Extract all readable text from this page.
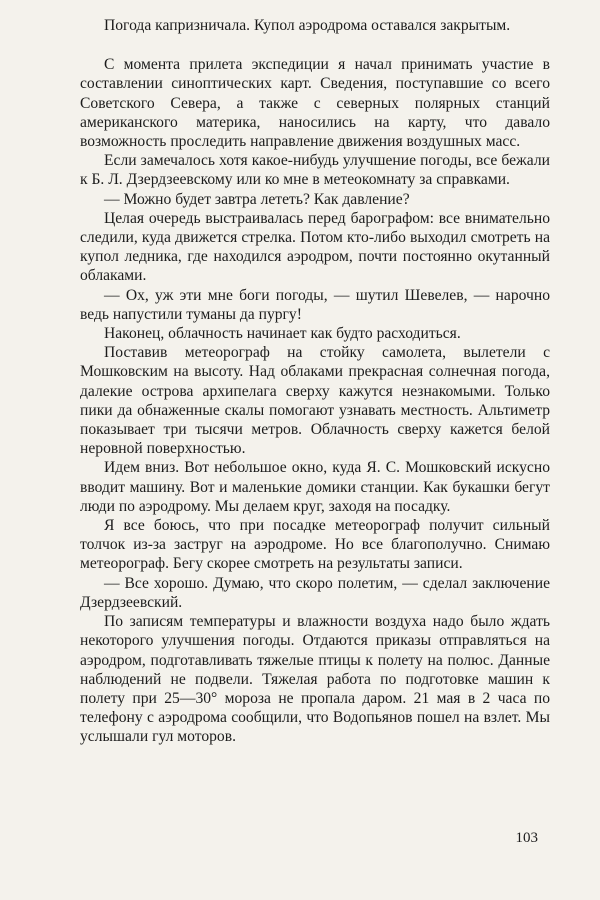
Погода капризничала. Купол аэродрома оставался закрытым.

С момента прилета экспедиции я начал принимать участие в составлении синоптических карт. Сведения, поступавшие со всего Советского Севера, а также с северных полярных станций американского материка, наносились на карту, что давало возможность проследить направление движения воздушных масс.

Если замечалось хотя какое-нибудь улучшение погоды, все бежали к Б. Л. Дзердзеевскому или ко мне в метеокомнату за справками.

— Можно будет завтра лететь? Как давление?

Целая очередь выстраивалась перед барографом: все внимательно следили, куда движется стрелка. Потом кто-либо выходил смотреть на купол ледника, где находился аэродром, почти постоянно окутанный облаками.

— Ох, уж эти мне боги погоды, — шутил Шевелев, — нарочно ведь напустили туманы да пургу!

Наконец, облачность начинает как будто расходиться.

Поставив метеорограф на стойку самолета, вылетели с Мошковским на высоту. Над облаками прекрасная солнечная погода, далекие острова архипелага сверху кажутся незнакомыми. Только пики да обнаженные скалы помогают узнавать местность. Альтиметр показывает три тысячи метров. Облачность сверху кажется белой неровной поверхностью.

Идем вниз. Вот небольшое окно, куда Я. С. Мошковский искусно вводит машину. Вот и маленькие домики станции. Как букашки бегут люди по аэродрому. Мы делаем круг, заходя на посадку.

Я все боюсь, что при посадке метеорограф получит сильный толчок из-за заструг на аэродроме. Но все благополучно. Снимаю метеорограф. Бегу скорее смотреть на результаты записи.

— Все хорошо. Думаю, что скоро полетим, — сделал заключение Дзердзеевский.

По записям температуры и влажности воздуха надо было ждать некоторого улучшения погоды. Отдаются приказы отправляться на аэродром, подготавливать тяжелые птицы к полету на полюс. Данные наблюдений не подвели. Тяжелая работа по подготовке машин к полету при 25—30° мороза не пропала даром. 21 мая в 2 часа по телефону с аэродрома сообщили, что Водопьянов пошел на взлет. Мы услышали гул моторов.

103
